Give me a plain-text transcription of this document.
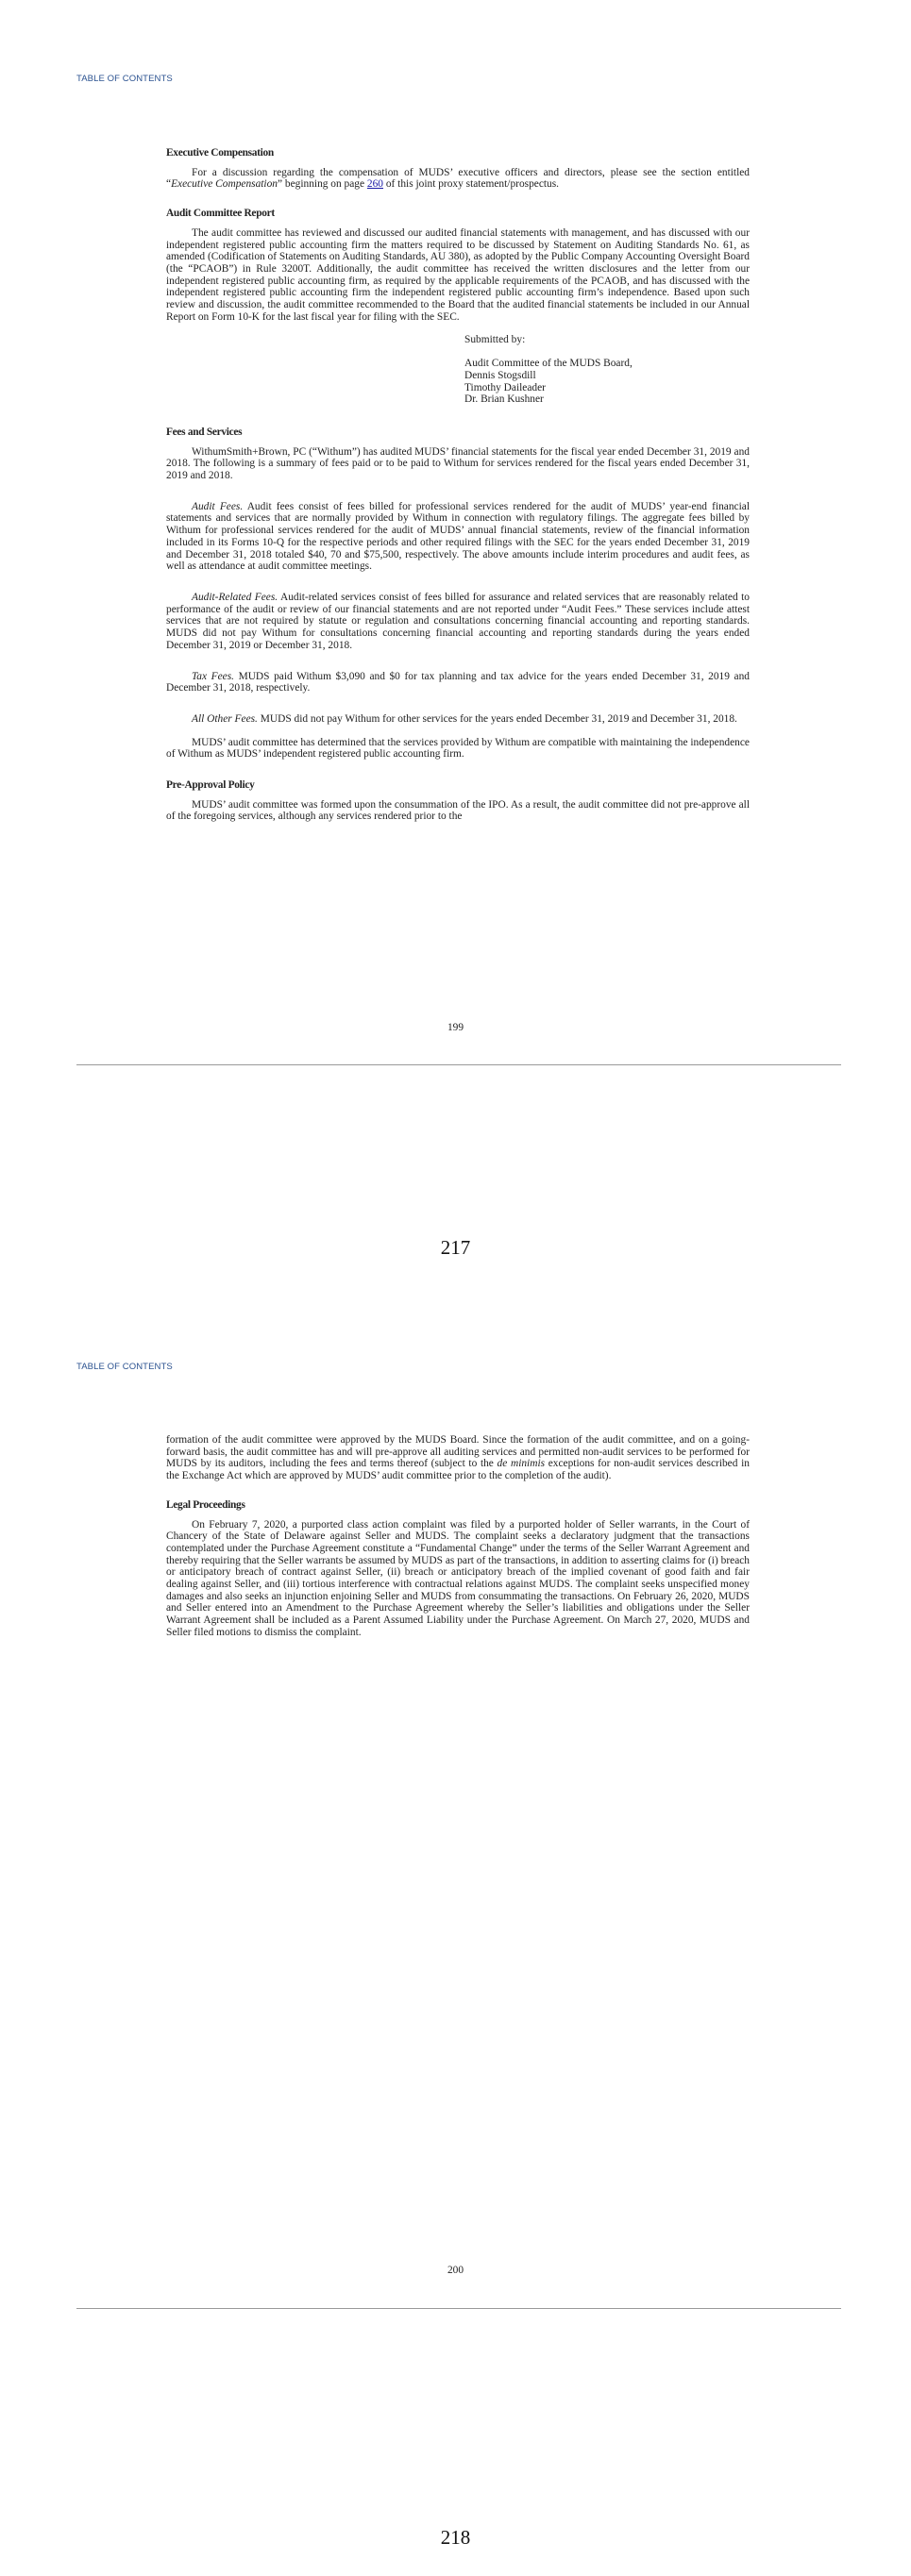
TABLE OF CONTENTS
Executive Compensation

For a discussion regarding the compensation of MUDS’ executive officers and directors, please see the section entitled “Executive Compensation” beginning on page 260 of this joint proxy statement/prospectus.

Audit Committee Report

The audit committee has reviewed and discussed our audited financial statements with management, and has discussed with our independent registered public accounting firm the matters required to be discussed by Statement on Auditing Standards No. 61, as amended (Codification of Statements on Auditing Standards, AU 380), as adopted by the Public Company Accounting Oversight Board (the “PCAOB”) in Rule 3200T. Additionally, the audit committee has received the written disclosures and the letter from our independent registered public accounting firm, as required by the applicable requirements of the PCAOB, and has discussed with the independent registered public accounting firm the independent registered public accounting firm’s independence. Based upon such review and discussion, the audit committee recommended to the Board that the audited financial statements be included in our Annual Report on Form 10-K for the last fiscal year for filing with the SEC.

Submitted by:
Audit Committee of the MUDS Board,
Dennis Stogsdill
Timothy Daileader
Dr. Brian Kushner
Fees and Services

WithumSmith+Brown, PC (“Withum”) has audited MUDS’ financial statements for the fiscal year ended December 31, 2019 and 2018. The following is a summary of fees paid or to be paid to Withum for services rendered for the fiscal years ended December 31, 2019 and 2018.

Audit Fees. Audit fees consist of fees billed for professional services rendered for the audit of MUDS’ year-end financial statements and services that are normally provided by Withum in connection with regulatory filings. The aggregate fees billed by Withum for professional services rendered for the audit of MUDS’ annual financial statements, review of the financial information included in its Forms 10-Q for the respective periods and other required filings with the SEC for the years ended December 31, 2019 and December 31, 2018 totaled $40, 70 and $75,500, respectively. The above amounts include interim procedures and audit fees, as well as attendance at audit committee meetings.

Audit-Related Fees. Audit-related services consist of fees billed for assurance and related services that are reasonably related to performance of the audit or review of our financial statements and are not reported under “Audit Fees.” These services include attest services that are not required by statute or regulation and consultations concerning financial accounting and reporting standards. MUDS did not pay Withum for consultations concerning financial accounting and reporting standards during the years ended December 31, 2019 or December 31, 2018.

Tax Fees. MUDS paid Withum $3,090 and $0 for tax planning and tax advice for the years ended December 31, 2019 and December 31, 2018, respectively.

All Other Fees. MUDS did not pay Withum for other services for the years ended December 31, 2019 and December 31, 2018.

MUDS’ audit committee has determined that the services provided by Withum are compatible with maintaining the independence of Withum as MUDS’ independent registered public accounting firm.

Pre-Approval Policy

MUDS’ audit committee was formed upon the consummation of the IPO. As a result, the audit committee did not pre-approve all of the foregoing services, although any services rendered prior to the

199
217
TABLE OF CONTENTS

formation of the audit committee were approved by the MUDS Board. Since the formation of the audit committee, and on a going-forward basis, the audit committee has and will pre-approve all auditing services and permitted non-audit services to be performed for MUDS by its auditors, including the fees and terms thereof (subject to the de minimis exceptions for non-audit services described in the Exchange Act which are approved by MUDS’ audit committee prior to the completion of the audit).

Legal Proceedings

On February 7, 2020, a purported class action complaint was filed by a purported holder of Seller warrants, in the Court of Chancery of the State of Delaware against Seller and MUDS. The complaint seeks a declaratory judgment that the transactions contemplated under the Purchase Agreement constitute a “Fundamental Change” under the terms of the Seller Warrant Agreement and thereby requiring that the Seller warrants be assumed by MUDS as part of the transactions, in addition to asserting claims for (i) breach or anticipatory breach of contract against Seller, (ii) breach or anticipatory breach of the implied covenant of good faith and fair dealing against Seller, and (iii) tortious interference with contractual relations against MUDS. The complaint seeks unspecified money damages and also seeks an injunction enjoining Seller and MUDS from consummating the transactions. On February 26, 2020, MUDS and Seller entered into an Amendment to the Purchase Agreement whereby the Seller’s liabilities and obligations under the Seller Warrant Agreement shall be included as a Parent Assumed Liability under the Purchase Agreement. On March 27, 2020, MUDS and Seller filed motions to dismiss the complaint.

200
218
